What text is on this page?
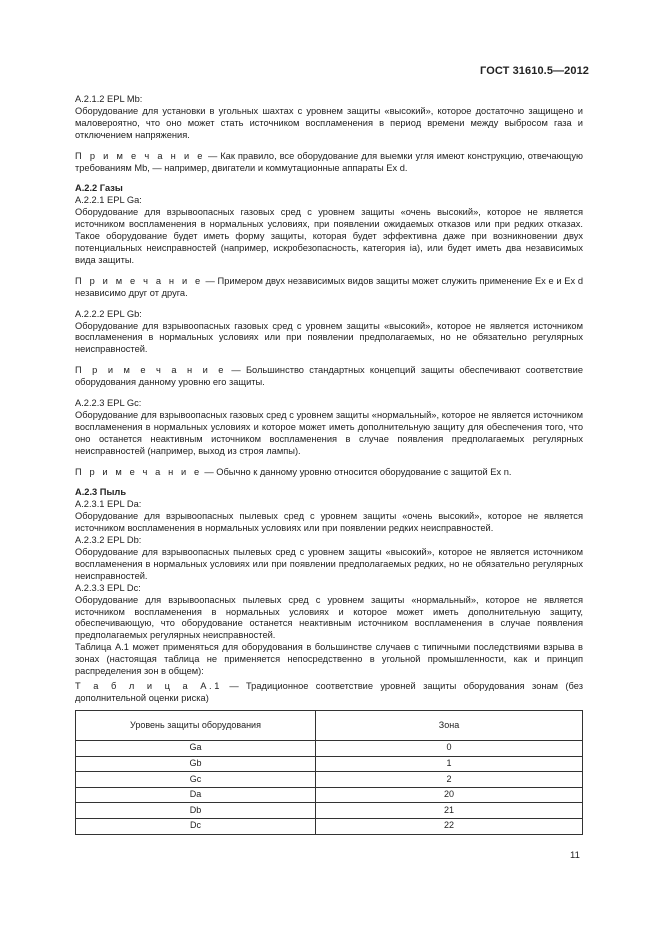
ГОСТ 31610.5—2012

А.2.1.2 EPL Mb:

Оборудование для установки в угольных шахтах с уровнем защиты «высокий», которое достаточно защищено и маловероятно, что оно может стать источником воспламенения в период времени между выбросом газа и отключением напряжения.

П р и м е ч а н и е — Как правило, все оборудование для выемки угля имеют конструкцию, отвечающую требованиям Mb, — например, двигатели и коммутационные аппараты Ex d.

А.2.2 Газы

А.2.2.1 EPL Ga:

Оборудование для взрывоопасных газовых сред с уровнем защиты «очень высокий», которое не является источником воспламенения в нормальных условиях, при появлении ожидаемых отказов или при редких отказах. Такое оборудование будет иметь форму защиты, которая будет эффективна даже при возникновении двух потенциальных неисправностей (например, искробезопасность, категория ia), или будет иметь два независимых вида защиты.

П р и м е ч а н и е — Примером двух независимых видов защиты может служить применение Ex e и Ex d независимо друг от друга.

А.2.2.2 EPL Gb:

Оборудование для взрывоопасных газовых сред с уровнем защиты «высокий», которое не является источником воспламенения в нормальных условиях или при появлении предполагаемых, но не обязательно регулярных неисправностей.

П р и м е ч а н и е — Большинство стандартных концепций защиты обеспечивают соответствие оборудования данному уровню его защиты.

А.2.2.3 EPL Gc:

Оборудование для взрывоопасных газовых сред с уровнем защиты «нормальный», которое не является источником воспламенения в нормальных условиях и которое может иметь дополнительную защиту для обеспечения того, что оно останется неактивным источником воспламенения в случае появления предполагаемых регулярных неисправностей (например, выход из строя лампы).

П р и м е ч а н и е — Обычно к данному уровню относится оборудование с защитой Ex n.

А.2.3 Пыль

А.2.3.1 EPL Da:

Оборудование для взрывоопасных пылевых сред с уровнем защиты «очень высокий», которое не является источником воспламенения в нормальных условиях или при появлении редких неисправностей.

А.2.3.2 EPL Db:

Оборудование для взрывоопасных пылевых сред с уровнем защиты «высокий», которое не является источником воспламенения в нормальных условиях или при появлении предполагаемых редких, но не обязательно регулярных неисправностей.

А.2.3.3 EPL Dc:

Оборудование для взрывоопасных пылевых сред с уровнем защиты «нормальный», которое не является источником воспламенения в нормальных условиях и которое может иметь дополнительную защиту, обеспечивающую, что оборудование останется неактивным источником воспламенения в случае появления предполагаемых регулярных неисправностей.

Таблица А.1 может применяться для оборудования в большинстве случаев с типичными последствиями взрыва в зонах (настоящая таблица не применяется непосредственно в угольной промышленности, как и принцип распределения зон в общем):

Т а б л и ц а А.1 — Традиционное соответствие уровней защиты оборудования зонам (без дополнительной оценки риска)

Уровень защиты оборудования	Зона
Ga	0
Gb	1
Gc	2
Da	20
Db	21
Dc	22
11
